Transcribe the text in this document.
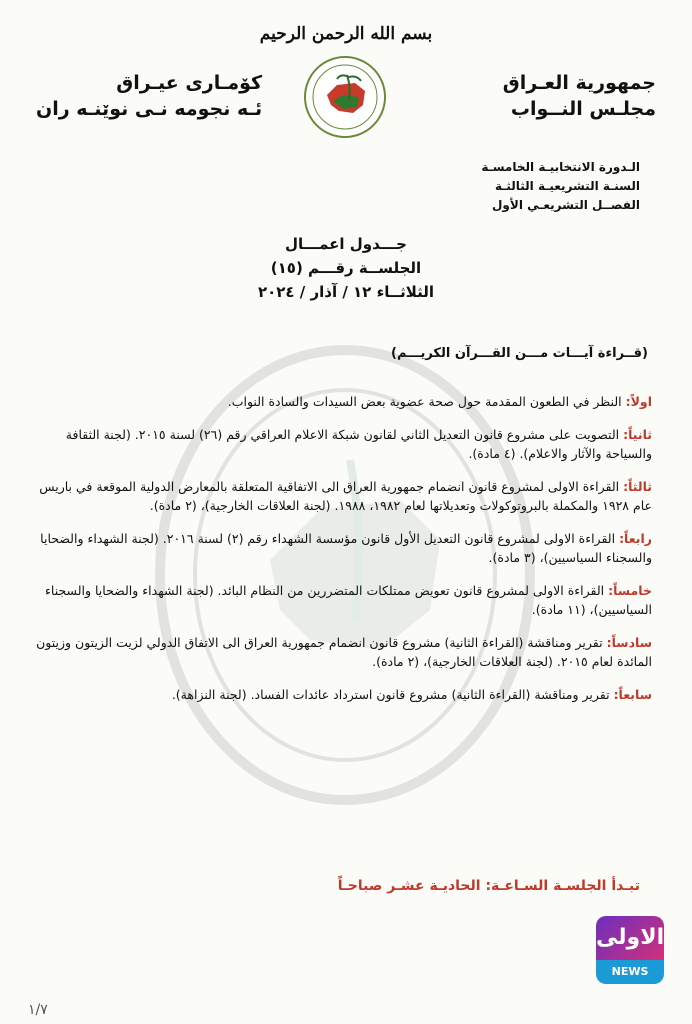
بسم الله الرحمن الرحيم
جمهورية العـراق
مجلـس النــواب
كۆمـارى عيـراق
ئـه نجومه نـى نوێنـه ران
الـدورة الانتخابيـة الخامسـة
السنـة التشريعيـة الثالثـة
الفصــل التشريعـي الأول
جـــدول اعمـــال
الجلســة رقـــم (١٥)
الثلاثــاء ١٢ / آذار / ٢٠٢٤
(قــراءة آيـــات مـــن القـــرآن الكريـــم)
اولاً:النظر في الطعون المقدمة حول صحة عضوية بعض السيدات والسادة النواب.
ثانياً:التصويت على مشروع قانون التعديل الثاني لقانون شبكة الاعلام العراقي رقم (٢٦) لسنة ٢٠١٥. (لجنة الثقافة والسياحة والآثار والاعلام). (٤ مادة).
ثالثاً:القراءة الاولى لمشروع قانون انضمام جمهورية العراق الى الاتفاقية المتعلقة بالمعارض الدولية الموقعة في باريس عام ١٩٢٨ والمكملة بالبروتوكولات وتعديلاتها لعام ١٩٨٢، ١٩٨٨. (لجنة العلاقات الخارجية)، (٢ مادة).
رابعاً:القراءة الاولى لمشروع قانون التعديل الأول قانون مؤسسة الشهداء رقم (٢) لسنة ٢٠١٦. (لجنة الشهداء والضحايا والسجناء السياسيين)، (٣ مادة).
خامساً:القراءة الاولى لمشروع قانون تعويض ممتلكات المتضررين من النظام البائد. (لجنة الشهداء والضحايا والسجناء السياسيين)، (١١ مادة).
سادساً:تقرير ومناقشة (القراءة الثانية) مشروع قانون انضمام جمهورية العراق الى الاتفاق الدولي لزيت الزيتون وزيتون المائدة لعام ٢٠١٥. (لجنة العلاقات الخارجية)، (٢ مادة).
سابعاً:تقرير ومناقشة (القراءة الثانية) مشروع قانون استرداد عائدات الفساد. (لجنة النزاهة).
تبـدأ الجلسـة السـاعـة: الحاديـة عشـر صباحـاً
الاولى
NEWS
١/٧
